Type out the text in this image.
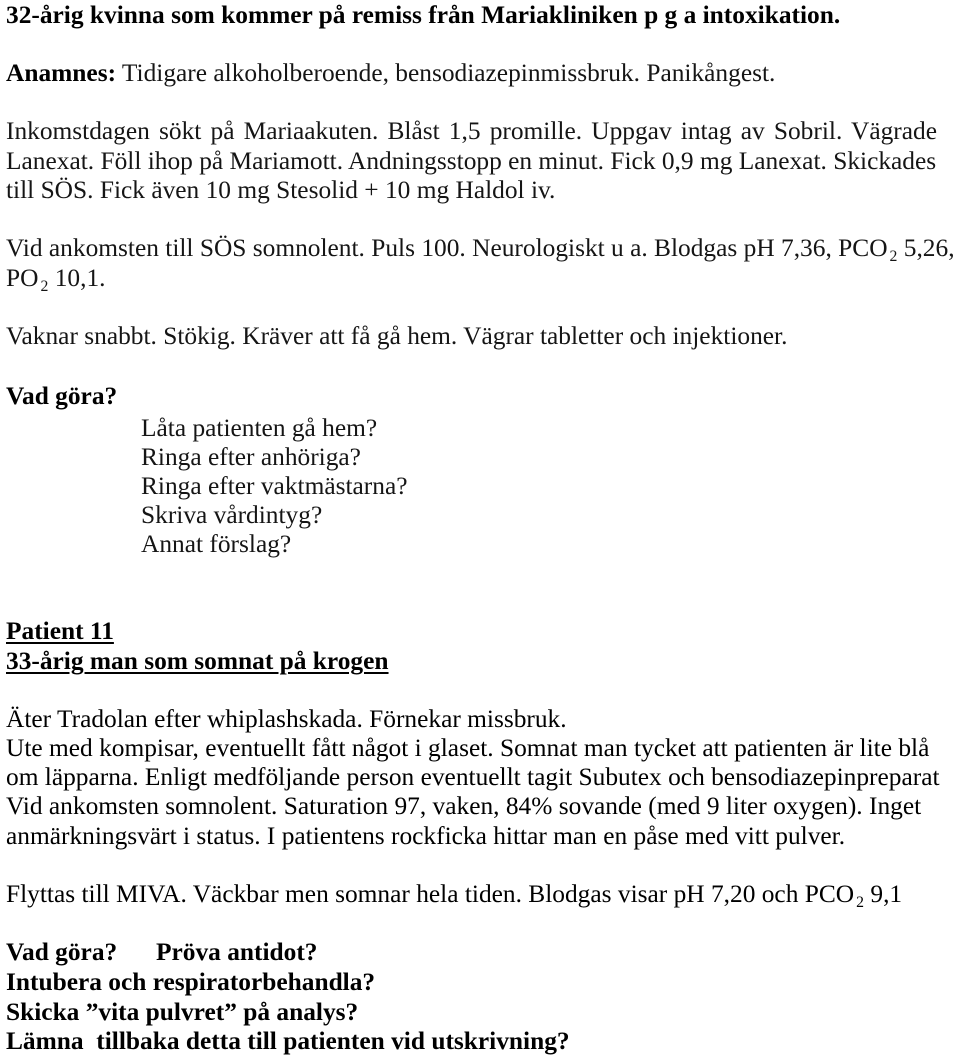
32-årig kvinna som kommer på remiss från Mariakliniken p g a intoxikation.
Anamnes: Tidigare alkoholberoende, bensodiazepinmissbruk. Panikångest.
Inkomstdagen sökt på Mariaakuten. Blåst 1,5 promille. Uppgav intag av Sobril. Vägrade
Lanexat. Föll ihop på Mariamott. Andningsstopp en minut. Fick 0,9 mg Lanexat. Skickades
till SÖS. Fick även 10 mg Stesolid + 10 mg Haldol iv.
Vid ankomsten till SÖS somnolent. Puls 100. Neurologiskt u a. Blodgas pH 7,36, PCO $_2$ 5,26,
PO $_2$ 10,1.
Vaknar snabbt. Stökig. Kräver att få gå hem. Vägrar tabletter och injektioner.
Vad göra?
Låta patienten gå hem?
Ringa efter anhöriga?
Ringa efter vaktmästarna?
Skriva vårdintyg?
Annat förslag?
Patient 11
33-årig man som somnat på krogen
Äter Tradolan efter whiplashskada. Förnekar missbruk.
Ute med kompisar, eventuellt fått något i glaset. Somnat man tycket att patienten är lite blå
om läpparna. Enligt medföljande person eventuellt tagit Subutex och bensodiazepinpreparat
Vid ankomsten somnolent. Saturation 97, vaken, 84% sovande (med 9 liter oxygen). Inget
anmärkningsvärt i status. I patientens rockficka hittar man en påse med vitt pulver.
Flyttas till MIVA. Väckbar men somnar hela tiden. Blodgas visar pH 7,20 och PCO $_2$ 9,1
Vad göra? Pröva antidot?
Intubera och respiratorbehandla?
Skicka ”vita pulvret” på analys?
Lämna  tillbaka detta till patienten vid utskrivning?
